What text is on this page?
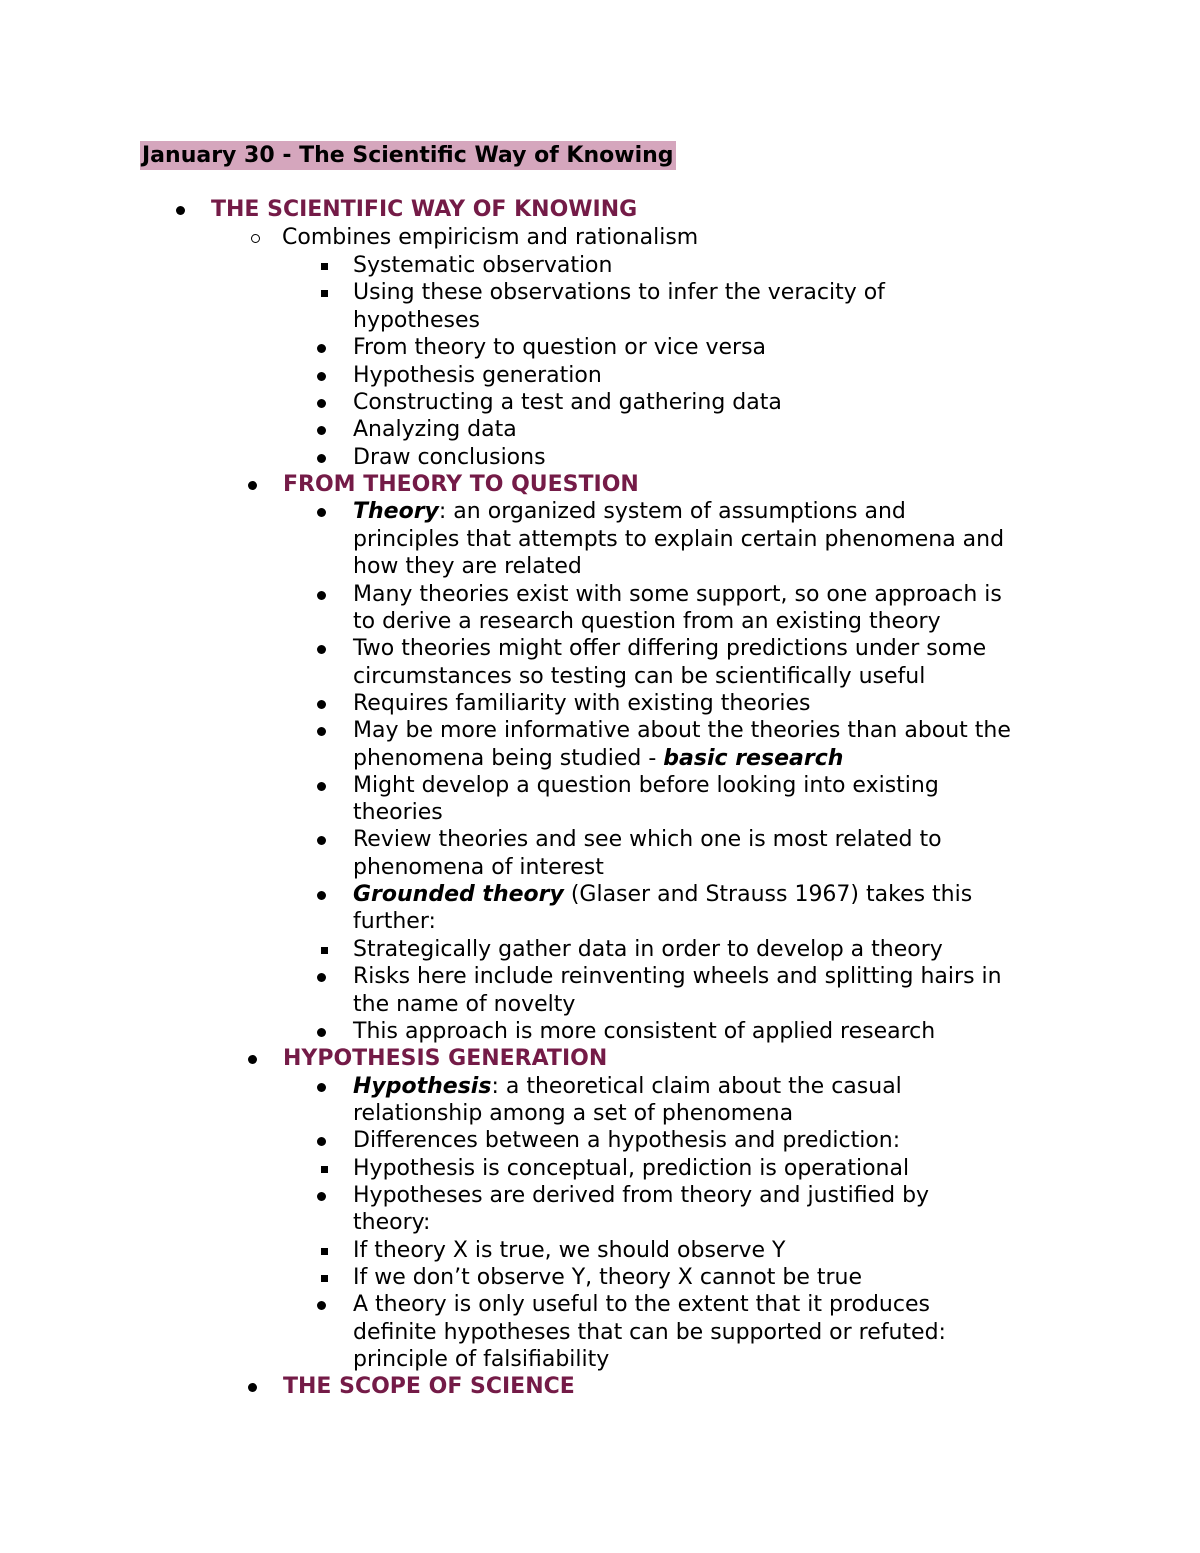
January 30 - The Scientific Way of Knowing
THE SCIENTIFIC WAY OF KNOWING
Combines empiricism and rationalism
Systematic observation
Using these observations to infer the veracity of
hypotheses
From theory to question or vice versa
Hypothesis generation
Constructing a test and gathering data
Analyzing data
Draw conclusions
FROM THEORY TO QUESTION
Theory: an organized system of assumptions and
principles that attempts to explain certain phenomena and
how they are related
Many theories exist with some support, so one approach is
to derive a research question from an existing theory
Two theories might offer differing predictions under some
circumstances so testing can be scientifically useful
Requires familiarity with existing theories
May be more informative about the theories than about the
phenomena being studied - basic research
Might develop a question before looking into existing
theories
Review theories and see which one is most related to
phenomena of interest
Grounded theory (Glaser and Strauss 1967) takes this
further:
Strategically gather data in order to develop a theory
Risks here include reinventing wheels and splitting hairs in
the name of novelty
This approach is more consistent of applied research
HYPOTHESIS GENERATION
Hypothesis: a theoretical claim about the casual
relationship among a set of phenomena
Differences between a hypothesis and prediction:
Hypothesis is conceptual, prediction is operational
Hypotheses are derived from theory and justified by
theory:
If theory X is true, we should observe Y
If we don’t observe Y, theory X cannot be true
A theory is only useful to the extent that it produces
definite hypotheses that can be supported or refuted:
principle of falsifiability
THE SCOPE OF SCIENCE
